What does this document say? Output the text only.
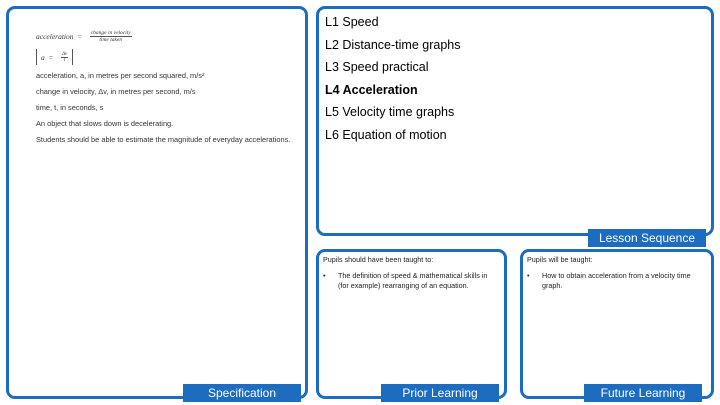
acceleration = $\frac{\text{change in velocity}}{\text{time taken}}$
$a = \frac{\Delta v}{t}$
acceleration, a, in metres per second squared, m/s²
change in velocity, Δv, in metres per second, m/s
time, t, in seconds, s
An object that slows down is decelerating.
Students should be able to estimate the magnitude of everyday accelerations.
L1 Speed
L2 Distance-time graphs
L3 Speed practical
L4 Acceleration
L5 Velocity time graphs
L6 Equation of motion
Pupils should have been taught to:
•	The definition of speed & mathematical skills in (for example) rearranging of an equation.
Pupils will be taught:
•	How to obtain acceleration from a velocity time graph.
Specification
Lesson Sequence
Prior Learning	Future Learning
